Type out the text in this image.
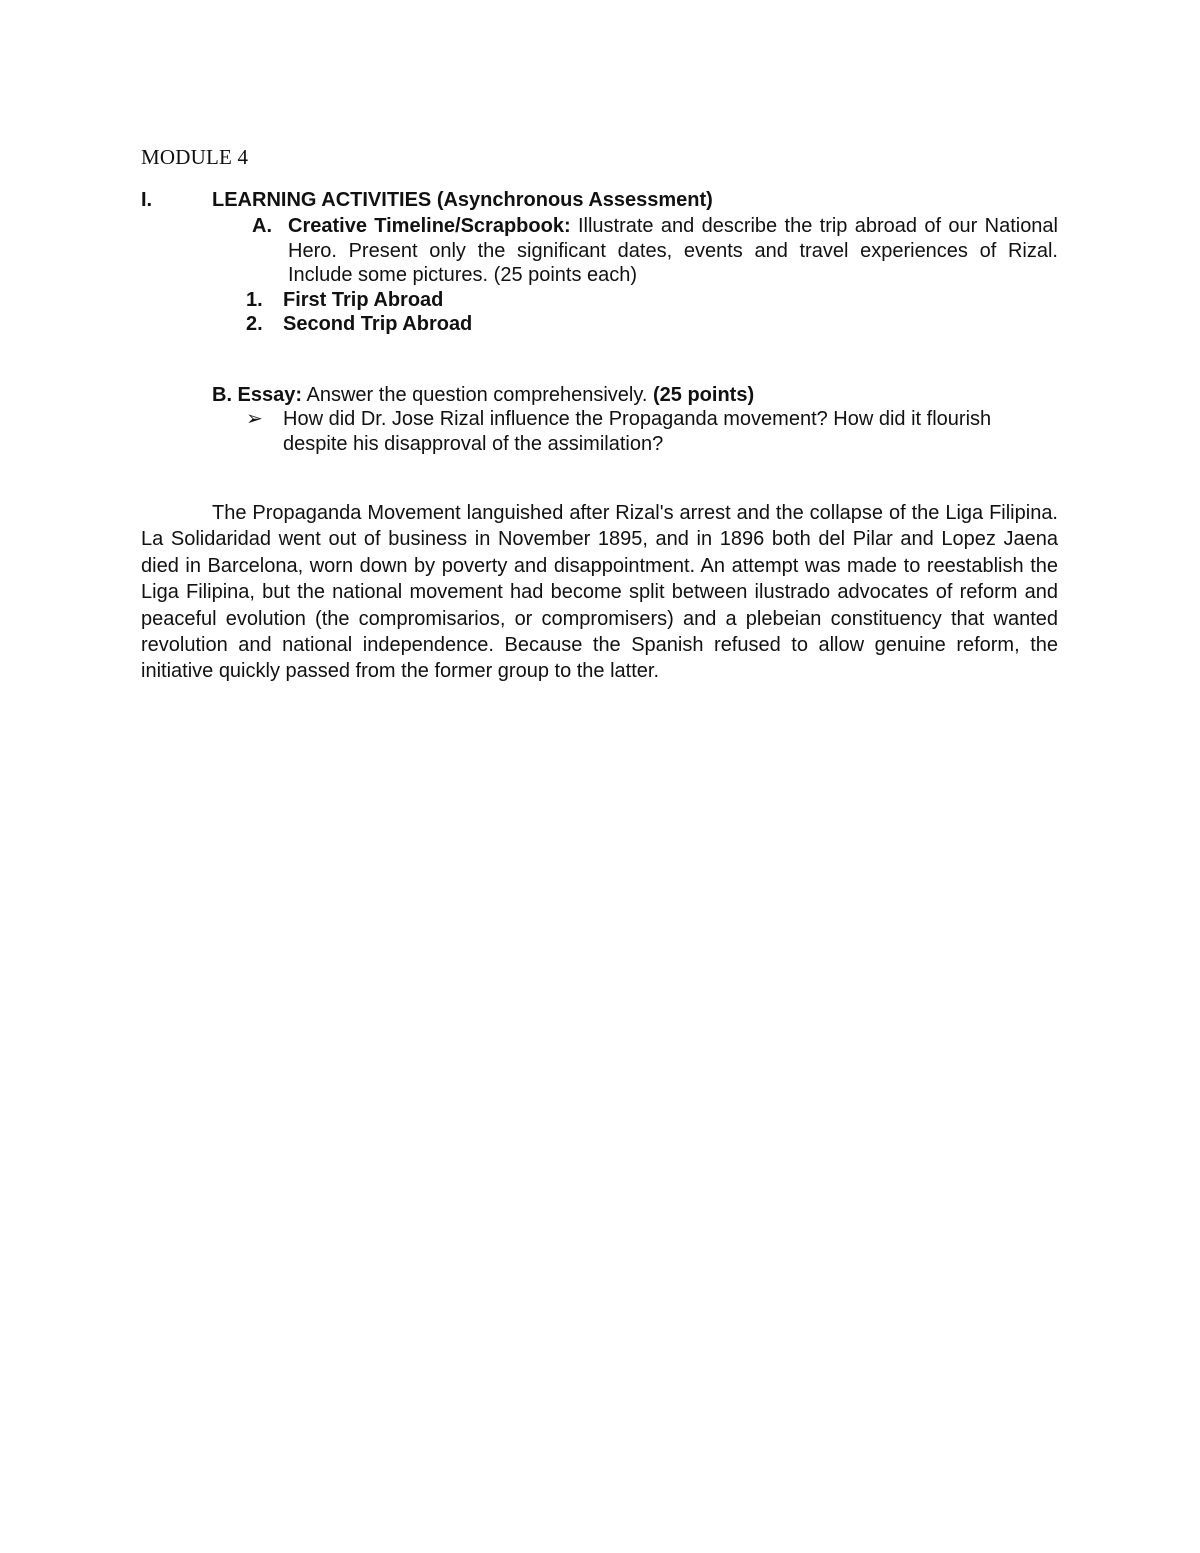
MODULE 4
I.	LEARNING ACTIVITIES (Asynchronous Assessment)
A. Creative Timeline/Scrapbook: Illustrate and describe the trip abroad of our National Hero. Present only the significant dates, events and travel experiences of Rizal. Include some pictures. (25 points each)
1. First Trip Abroad
2. Second Trip Abroad
B. Essay: Answer the question comprehensively. (25 points)
➢ How did Dr. Jose Rizal influence the Propaganda movement? How did it flourish despite his disapproval of the assimilation?

The Propaganda Movement languished after Rizal's arrest and the collapse of the Liga Filipina. La Solidaridad went out of business in November 1895, and in 1896 both del Pilar and Lopez Jaena died in Barcelona, worn down by poverty and disappointment. An attempt was made to reestablish the Liga Filipina, but the national movement had become split between ilustrado advocates of reform and peaceful evolution (the compromisarios, or compromisers) and a plebeian constituency that wanted revolution and national independence. Because the Spanish refused to allow genuine reform, the initiative quickly passed from the former group to the latter.
